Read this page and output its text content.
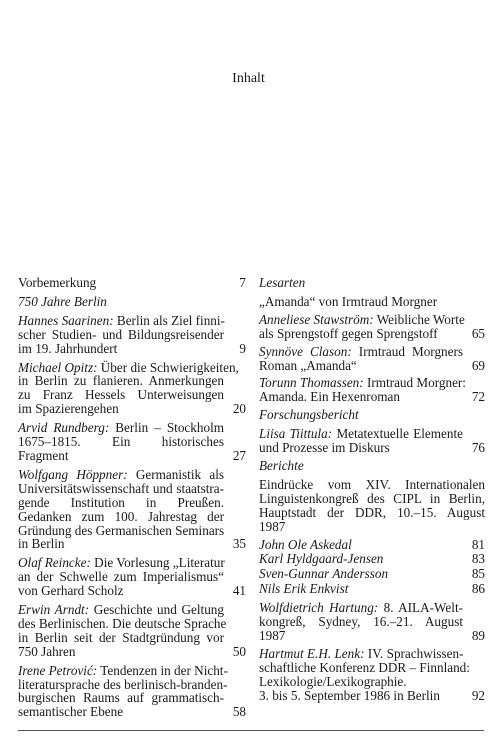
Inhalt
Vorbemerkung	7
750 Jahre Berlin
Hannes Saarinen: Berlin als Ziel finni-
scher Studien- und Bildungsreisender
im 19. Jahrhundert	9
Michael Opitz: Über die Schwierigkeiten,
in Berlin zu flanieren. Anmerkungen
zu Franz Hessels Unterweisungen
im Spazierengehen	20
Arvid Rundberg: Berlin – Stockholm
1675–1815. Ein historisches
Fragment	27
Wolfgang Höppner: Germanistik als
Universitätswissenschaft und staatstra-
gende Institution in Preußen.
Gedanken zum 100. Jahrestag der
Gründung des Germanischen Seminars
in Berlin	35
Olaf Reincke: Die Vorlesung „Literatur
an der Schwelle zum Imperialismus“
von Gerhard Scholz	41
Erwin Arndt: Geschichte und Geltung
des Berlinischen. Die deutsche Sprache
in Berlin seit der Stadtgründung vor
750 Jahren	50
Irene Petrović: Tendenzen in der Nicht-
literatursprache des berlinisch-branden-
burgischen Raums auf grammatisch-
semantischer Ebene	58
Lesarten
„Amanda“ von Irmtraud Morgner
Anneliese Stawström: Weibliche Worte
als Sprengstoff gegen Sprengstoff	65
Synnöve Clason: Irmtraud Morgners
Roman „Amanda“	69
Torunn Thomassen: Irmtraud Morgner:
Amanda. Ein Hexenroman	72
Forschungsbericht
Liisa Tiittula: Metatextuelle Elemente
und Prozesse im Diskurs	76
Berichte
Eindrücke vom XIV. Internationalen
Linguistenkongreß des CIPL in Berlin,
Hauptstadt der DDR, 10.–15. August
1987
John Ole Askedal	81
Karl Hyldgaard-Jensen	83
Sven-Gunnar Andersson	85
Nils Erik Enkvist	86
Wolfdietrich Hartung: 8. AILA-Welt-
kongreß, Sydney, 16.–21. August
1987	89
Hartmut E.H. Lenk: IV. Sprachwissen-
schaftliche Konferenz DDR – Finnland:
Lexikologie/Lexikographie.
3. bis 5. September 1986 in Berlin	92
